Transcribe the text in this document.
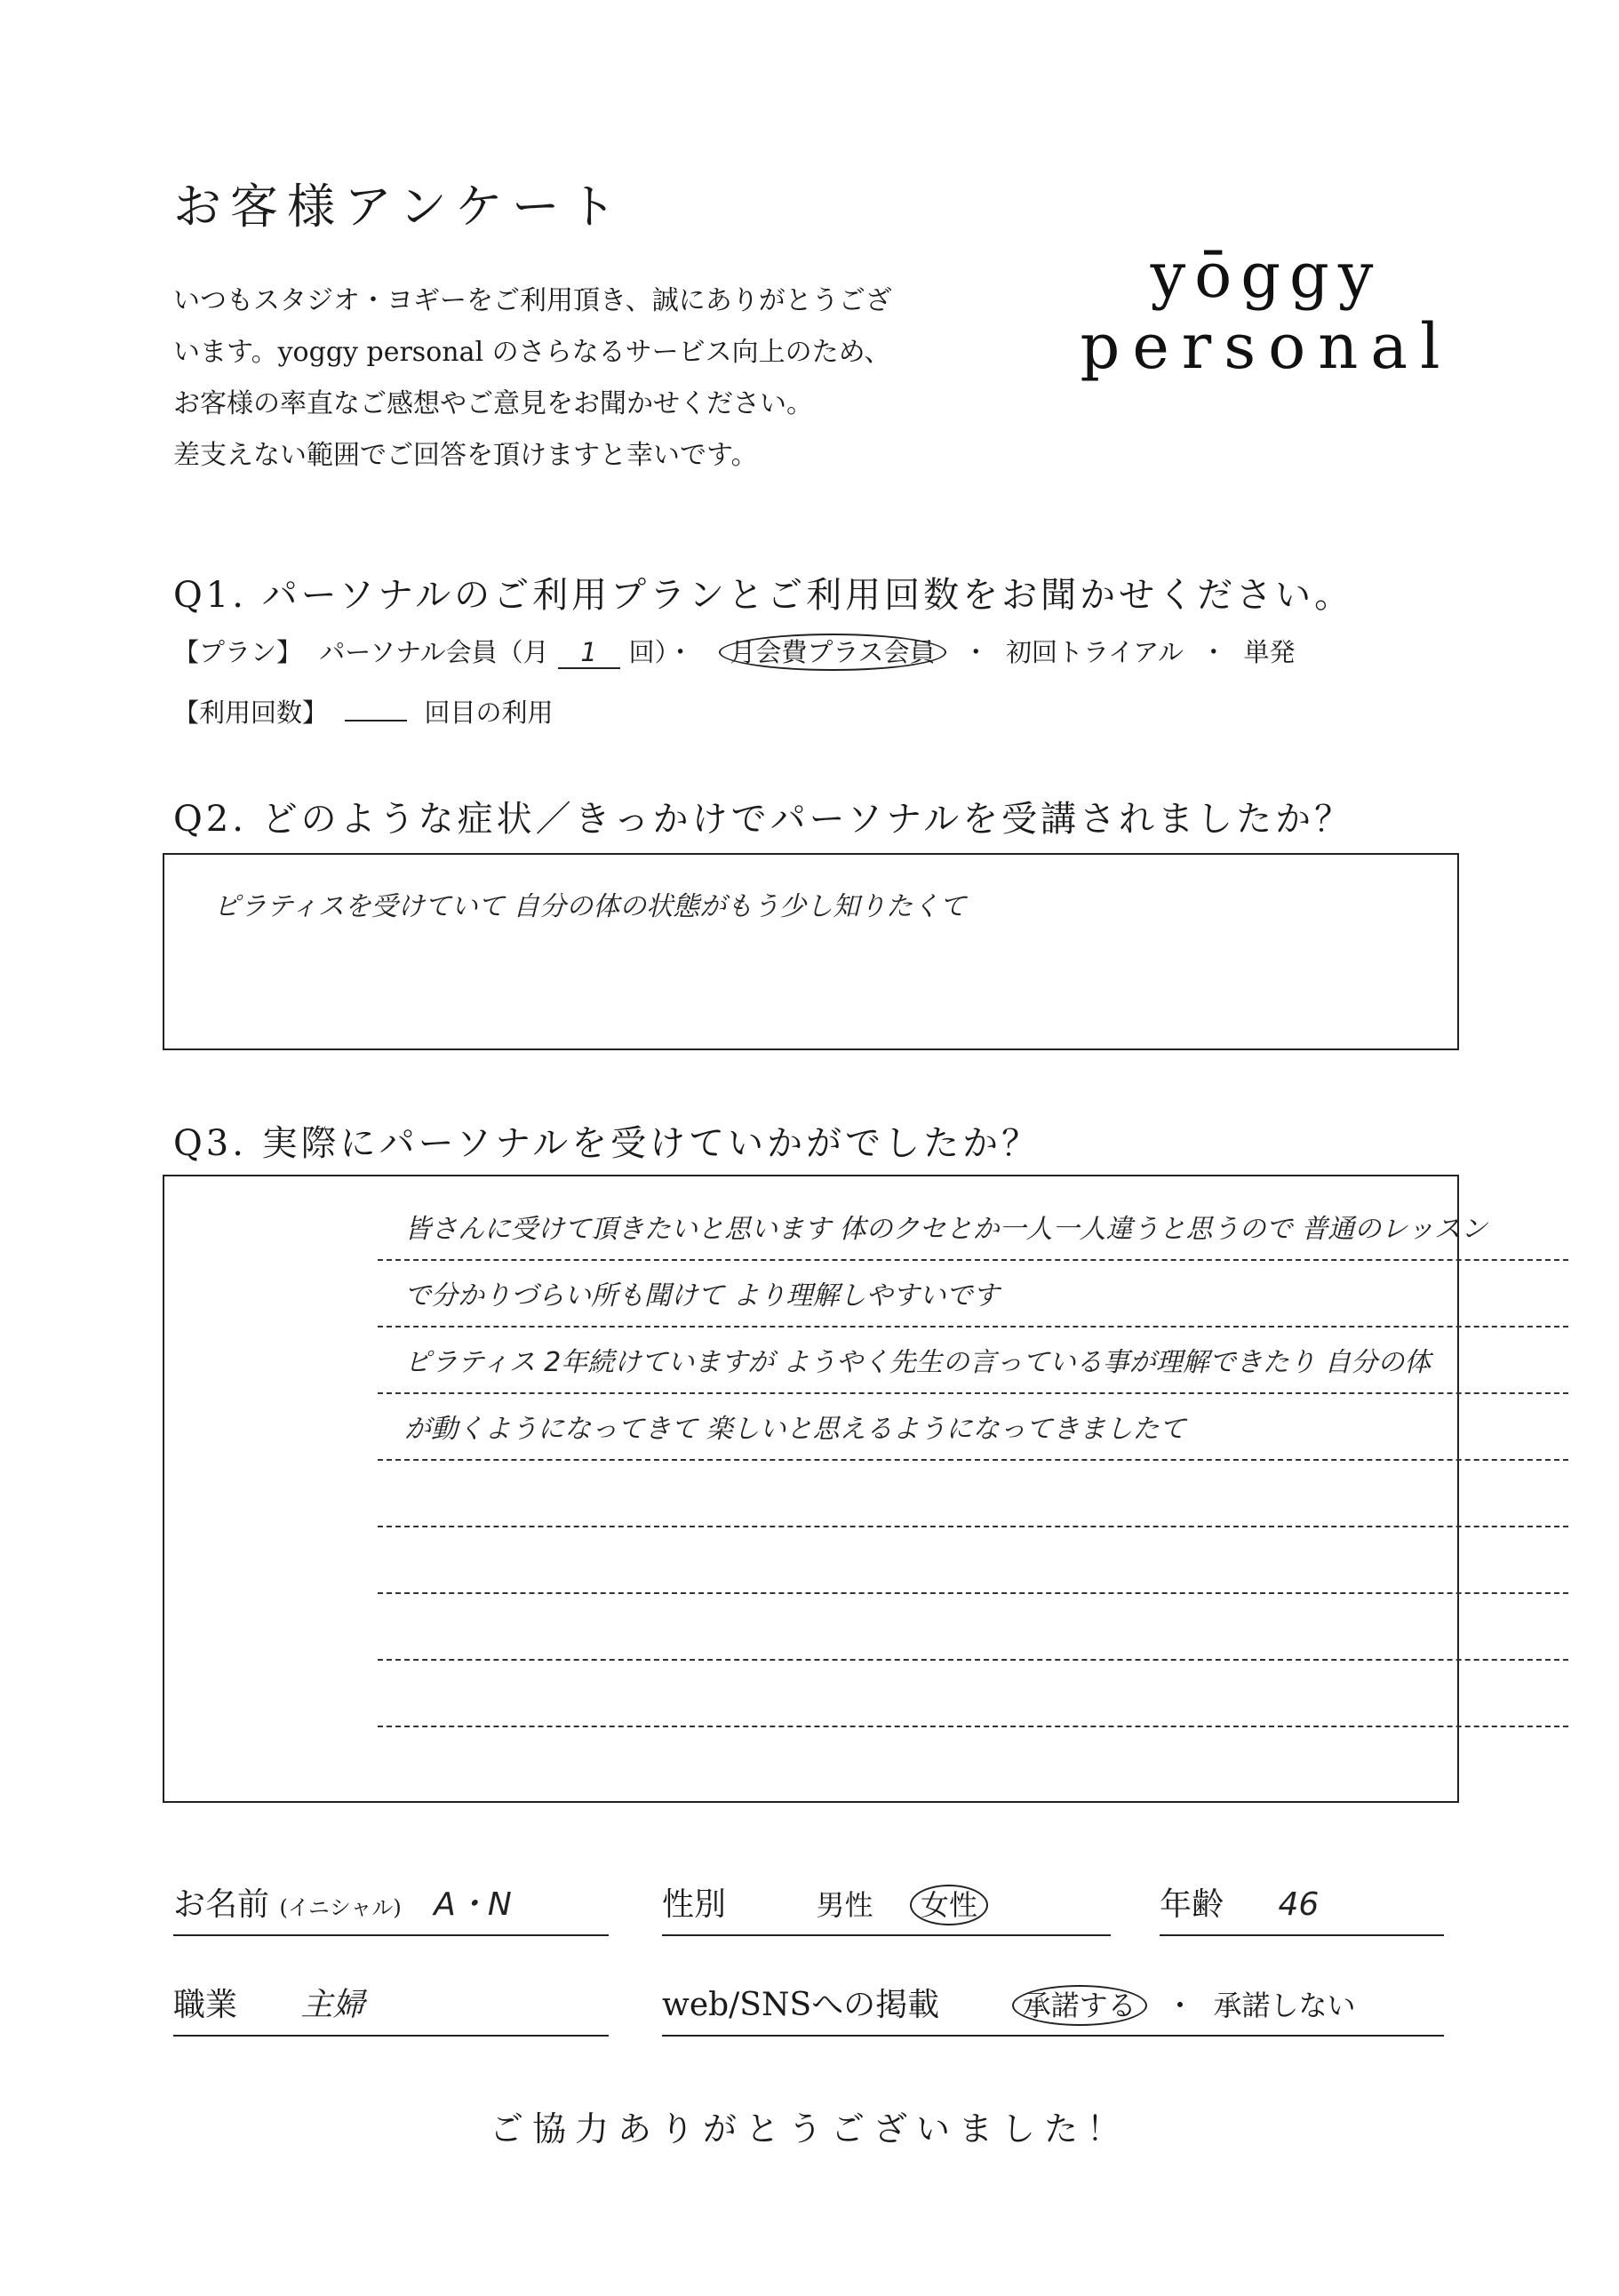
お客様アンケート
いつもスタジオ・ヨギーをご利用頂き、誠にありがとうござ
います。yoggy personal のさらなるサービス向上のため、
お客様の率直なご感想やご意見をお聞かせください。
差支えない範囲でご回答を頂けますと幸いです。
yōggy
personal
Q1. パーソナルのご利用プランとご利用回数をお聞かせください。
【プラン】 パーソナル会員（月 1 回）・ 月会費プラス会員 ・ 初回トライアル ・ 単発
【利用回数】	回目の利用
Q2. どのような症状／きっかけでパーソナルを受講されましたか？
ピラティスを受けていて 自分の体の状態がもう少し知りたくて
Q3. 実際にパーソナルを受けていかがでしたか？
皆さんに受けて頂きたいと思います 体のクセとか一人一人違うと思うので 普通のレッスン
で分かりづらい所も聞けて より理解しやすいです
ピラティス 2年続けていますが ようやく先生の言っている事が理解できたり 自分の体
が動くようになってきて 楽しいと思えるようになってきましたて
お名前 (イニシャル) A・N	性別	男性 女性	年齢 46
職業 主婦	web/SNSへの掲載	承諾する ・ 承諾しない
ご協力ありがとうございました！
